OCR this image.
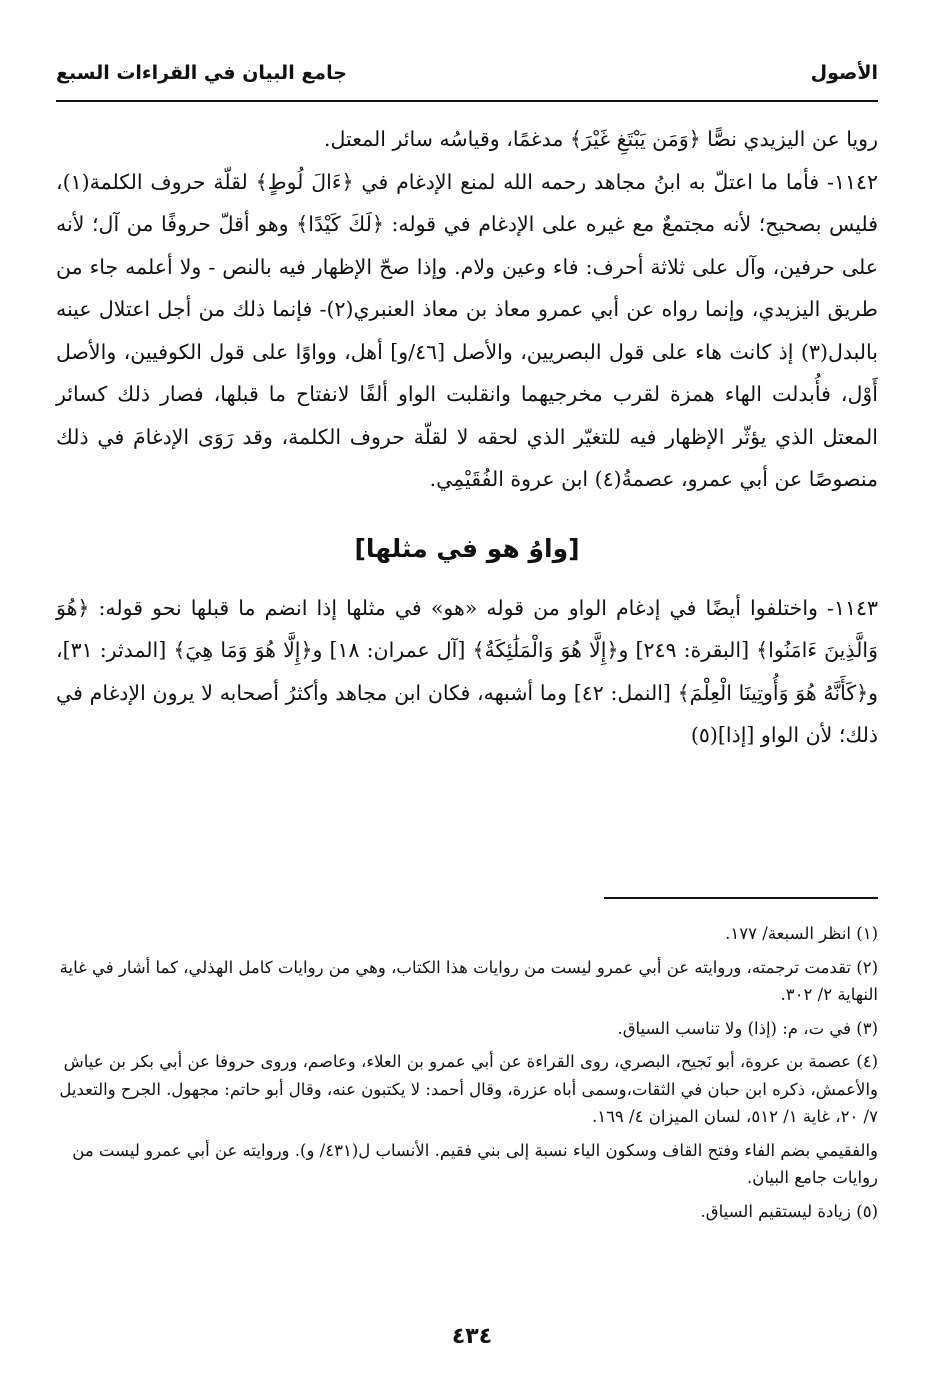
الأصول
جامع البيان في القراءات السبع

رويا عن اليزيدي نصًّا ﴿وَمَن يَبْتَغِ غَيْرَ﴾ مدغمًا، وقياسُه سائر المعتل.

١١٤٢- فأما ما اعتلّ به ابنُ مجاهد رحمه الله لمنع الإدغام في ﴿ءَالَ لُوطٍ﴾ لقلّة حروف الكلمة(١)، فليس بصحيح؛ لأنه مجتمعٌ مع غيره على الإدغام في قوله: ﴿لَكَ كَيْدًا﴾ وهو أقلّ حروفًا من آل؛ لأنه على حرفين، وآل على ثلاثة أحرف: فاء وعين ولام. وإذا صحّ الإظهار فيه بالنص - ولا أعلمه جاء من طريق اليزيدي، وإنما رواه عن أبي عمرو معاذ بن معاذ العنبري(٢)- فإنما ذلك من أجل اعتلال عينه بالبدل(٣) إذ كانت هاء على قول البصريين، والأصل [٤٦/و] أهل، وواوًا على قول الكوفيين، والأصل أَوْل، فأُبدلت الهاء همزة لقرب مخرجيهما وانقلبت الواو ألفًا لانفتاح ما قبلها، فصار ذلك كسائر المعتل الذي يؤثّر الإظهار فيه للتغيّر الذي لحقه لا لقلّة حروف الكلمة، وقد رَوَى الإدغامَ في ذلك منصوصًا عن أبي عمرو، عصمةُ(٤) ابن عروة الفُقَيْمِي.

[واوُ هو في مثلها]

١١٤٣- واختلفوا أيضًا في إدغام الواو من قوله «هو» في مثلها إذا انضم ما قبلها نحو قوله: ﴿هُوَ وَالَّذِينَ ءَامَنُوا﴾ [البقرة: ٢٤٩] و﴿إِلَّا هُوَ وَالْمَلَٰئِكَةُ﴾ [آل عمران: ١٨] و﴿إِلَّا هُوَ وَمَا هِيَ﴾ [المدثر: ٣١]، و﴿كَأَنَّهُ هُوَ وَأُوتِينَا الْعِلْمَ﴾ [النمل: ٤٢] وما أشبهه، فكان ابن مجاهد وأكثرُ أصحابه لا يرون الإدغام في ذلك؛ لأن الواو [إذا](٥)

(١) انظر السبعة/ ١٧٧.

(٢) تقدمت ترجمته، وروايته عن أبي عمرو ليست من روايات هذا الكتاب، وهي من روايات كامل الهذلي، كما أشار في غاية النهاية ٢/ ٣٠٢.

(٣) في ت، م: (إذا) ولا تناسب السياق.

(٤) عصمة بن عروة، أبو نَجيح، البصري، روى القراءة عن أبي عمرو بن العلاء، وعاصم، وروى حروفا عن أبي بكر بن عياش والأعمش، ذكره ابن حبان في الثقات،وسمى أباه عزرة، وقال أحمد: لا يكتبون عنه، وقال أبو حاتم: مجهول. الجرح والتعديل ٧/ ٢٠، غاية ١/ ٥١٢، لسان الميزان ٤/ ١٦٩.

والفقيمي بضم الفاء وفتح القاف وسكون الياء نسبة إلى بني فقيم. الأنساب ل(٤٣١/ و). وروايته عن أبي عمرو ليست من روايات جامع البيان.

(٥) زيادة ليستقيم السياق.

٤٣٤
